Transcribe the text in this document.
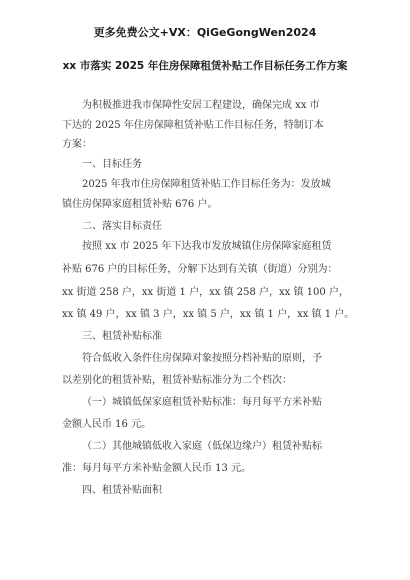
更多免费公文+VX：QiGeGongWen2024
xx 市落实 2025 年住房保障租赁补贴工作目标任务工作方案
为积极推进我市保障性安居工程建设，确保完成 xx 市
下达的 2025 年住房保障租赁补贴工作目标任务，特制订本
方案：
一、目标任务
2025 年我市住房保障租赁补贴工作目标任务为：发放城
镇住房保障家庭租赁补贴 676 户。
二、落实目标责任
按照 xx 市 2025 年下达我市发放城镇住房保障家庭租赁
补贴 676 户的目标任务，分解下达到有关镇（街道）分别为：
xx 街道 258 户，xx 街道 1 户，xx 镇 258 户，xx 镇 100 户，
xx 镇 49 户，xx 镇 3 户，xx 镇 5 户，xx 镇 1 户，xx 镇 1 户。
三、租赁补贴标准
符合低收入条件住房保障对象按照分档补贴的原则，予
以差别化的租赁补贴，租赁补贴标准分为二个档次：
（一）城镇低保家庭租赁补贴标准：每月每平方米补贴
金额人民币 16 元。
（二）其他城镇低收入家庭（低保边缘户）租赁补贴标
准：每月每平方米补贴金额人民币 13 元。
四、租赁补贴面积
